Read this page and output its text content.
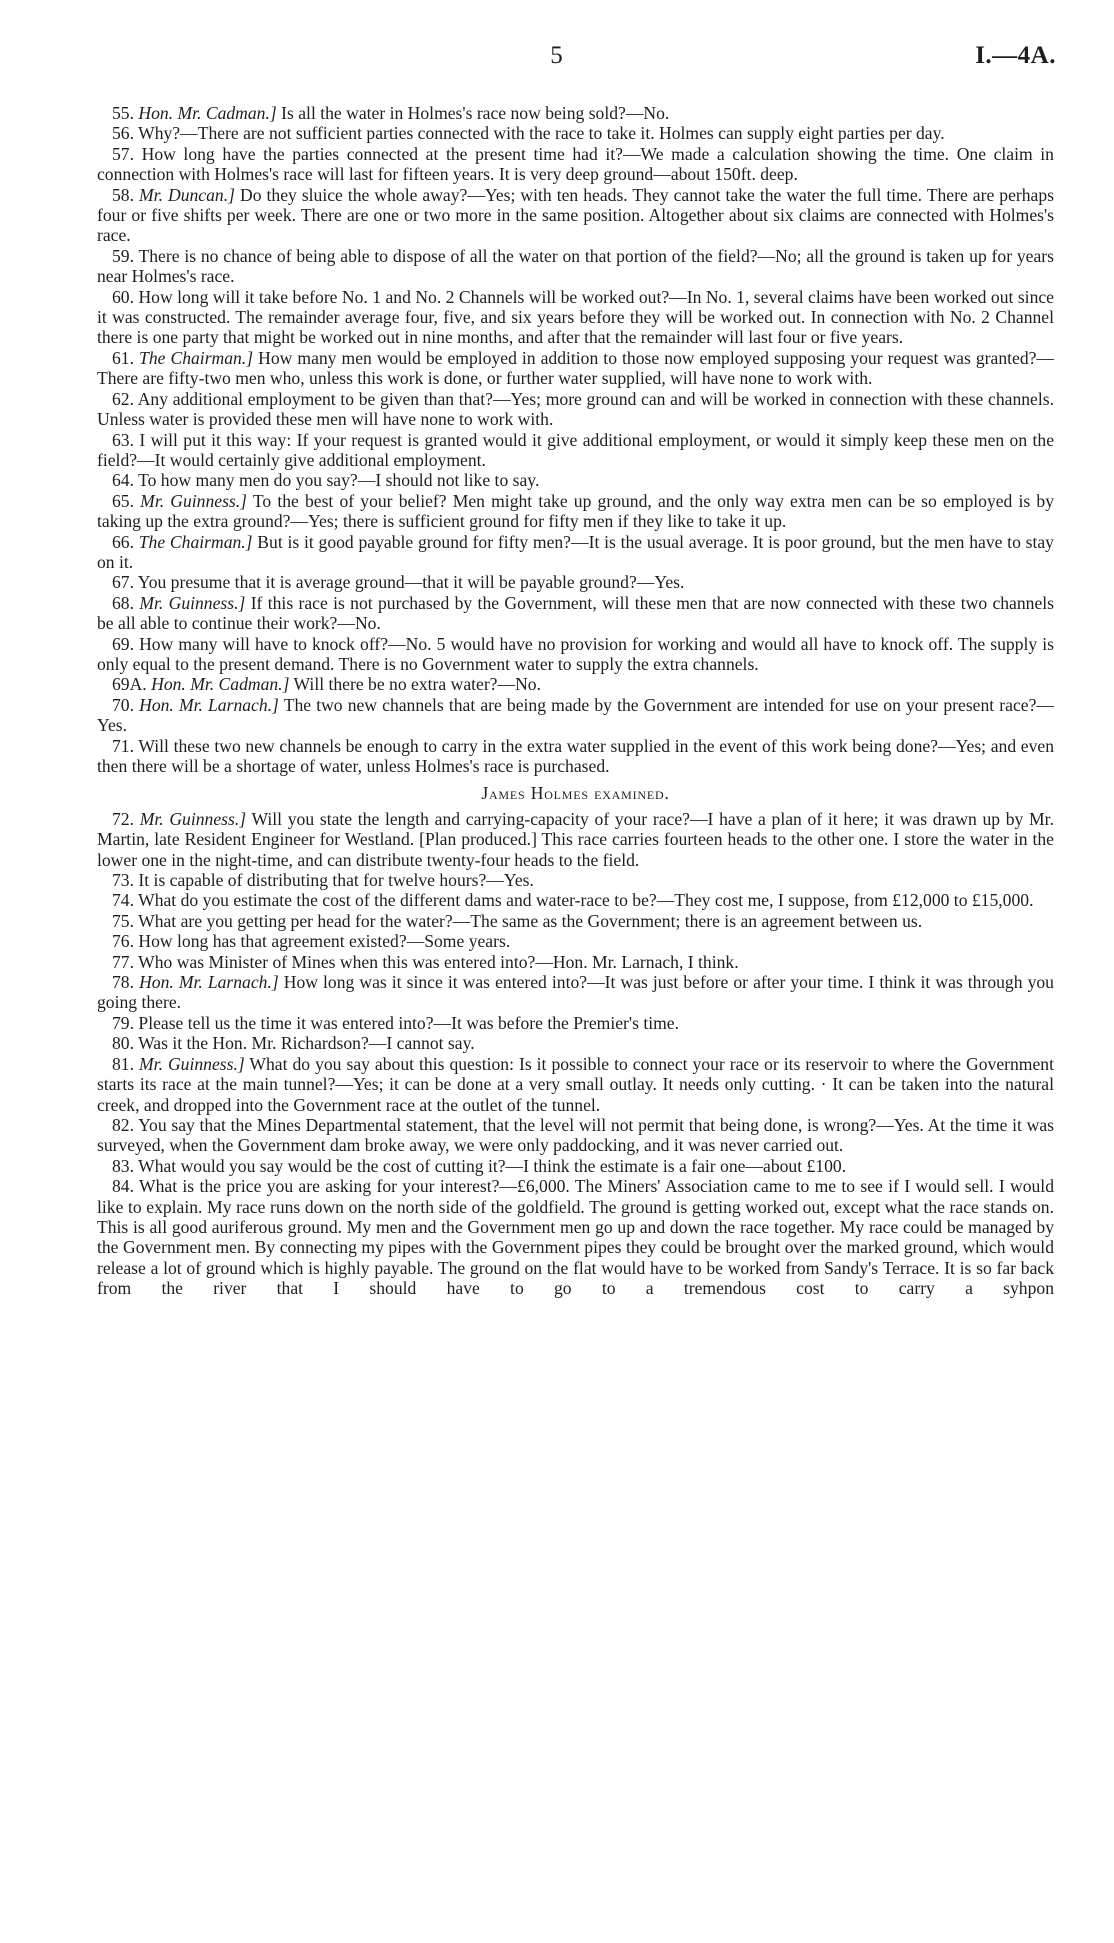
5	I.—4A.

55. Hon. Mr. Cadman.] Is all the water in Holmes's race now being sold?—No.

56. Why?—There are not sufficient parties connected with the race to take it. Holmes can supply eight parties per day.

57. How long have the parties connected at the present time had it?—We made a calculation showing the time. One claim in connection with Holmes's race will last for fifteen years. It is very deep ground—about 150ft. deep.

58. Mr. Duncan.] Do they sluice the whole away?—Yes; with ten heads. They cannot take the water the full time. There are perhaps four or five shifts per week. There are one or two more in the same position. Altogether about six claims are connected with Holmes's race.

59. There is no chance of being able to dispose of all the water on that portion of the field?—No; all the ground is taken up for years near Holmes's race.

60. How long will it take before No. 1 and No. 2 Channels will be worked out?—In No. 1, several claims have been worked out since it was constructed. The remainder average four, five, and six years before they will be worked out. In connection with No. 2 Channel there is one party that might be worked out in nine months, and after that the remainder will last four or five years.

61. The Chairman.] How many men would be employed in addition to those now employed supposing your request was granted?—There are fifty-two men who, unless this work is done, or further water supplied, will have none to work with.

62. Any additional employment to be given than that?—Yes; more ground can and will be worked in connection with these channels. Unless water is provided these men will have none to work with.

63. I will put it this way: If your request is granted would it give additional employment, or would it simply keep these men on the field?—It would certainly give additional employment.

64. To how many men do you say?—I should not like to say.

65. Mr. Guinness.] To the best of your belief? Men might take up ground, and the only way extra men can be so employed is by taking up the extra ground?—Yes; there is sufficient ground for fifty men if they like to take it up.

66. The Chairman.] But is it good payable ground for fifty men?—It is the usual average. It is poor ground, but the men have to stay on it.

67. You presume that it is average ground—that it will be payable ground?—Yes.

68. Mr. Guinness.] If this race is not purchased by the Government, will these men that are now connected with these two channels be all able to continue their work?—No.

69. How many will have to knock off?—No. 5 would have no provision for working and would all have to knock off. The supply is only equal to the present demand. There is no Government water to supply the extra channels.

69A. Hon. Mr. Cadman.] Will there be no extra water?—No.

70. Hon. Mr. Larnach.] The two new channels that are being made by the Government are intended for use on your present race?—Yes.

71. Will these two new channels be enough to carry in the extra water supplied in the event of this work being done?—Yes; and even then there will be a shortage of water, unless Holmes's race is purchased.

James Holmes examined.

72. Mr. Guinness.] Will you state the length and carrying-capacity of your race?—I have a plan of it here; it was drawn up by Mr. Martin, late Resident Engineer for Westland. [Plan produced.] This race carries fourteen heads to the other one. I store the water in the lower one in the night-time, and can distribute twenty-four heads to the field.

73. It is capable of distributing that for twelve hours?—Yes.

74. What do you estimate the cost of the different dams and water-race to be?—They cost me, I suppose, from £12,000 to £15,000.

75. What are you getting per head for the water?—The same as the Government; there is an agreement between us.

76. How long has that agreement existed?—Some years.

77. Who was Minister of Mines when this was entered into?—Hon. Mr. Larnach, I think.

78. Hon. Mr. Larnach.] How long was it since it was entered into?—It was just before or after your time. I think it was through you going there.

79. Please tell us the time it was entered into?—It was before the Premier's time.

80. Was it the Hon. Mr. Richardson?—I cannot say.

81. Mr. Guinness.] What do you say about this question: Is it possible to connect your race or its reservoir to where the Government starts its race at the main tunnel?—Yes; it can be done at a very small outlay. It needs only cutting. · It can be taken into the natural creek, and dropped into the Government race at the outlet of the tunnel.

82. You say that the Mines Departmental statement, that the level will not permit that being done, is wrong?—Yes. At the time it was surveyed, when the Government dam broke away, we were only paddocking, and it was never carried out.

83. What would you say would be the cost of cutting it?—I think the estimate is a fair one—about £100.

84. What is the price you are asking for your interest?—£6,000. The Miners' Association came to me to see if I would sell. I would like to explain. My race runs down on the north side of the goldfield. The ground is getting worked out, except what the race stands on. This is all good auriferous ground. My men and the Government men go up and down the race together. My race could be managed by the Government men. By connecting my pipes with the Government pipes they could be brought over the marked ground, which would release a lot of ground which is highly payable. The ground on the flat would have to be worked from Sandy's Terrace. It is so far back from the river that I should have to go to a tremendous cost to carry a syhpon
